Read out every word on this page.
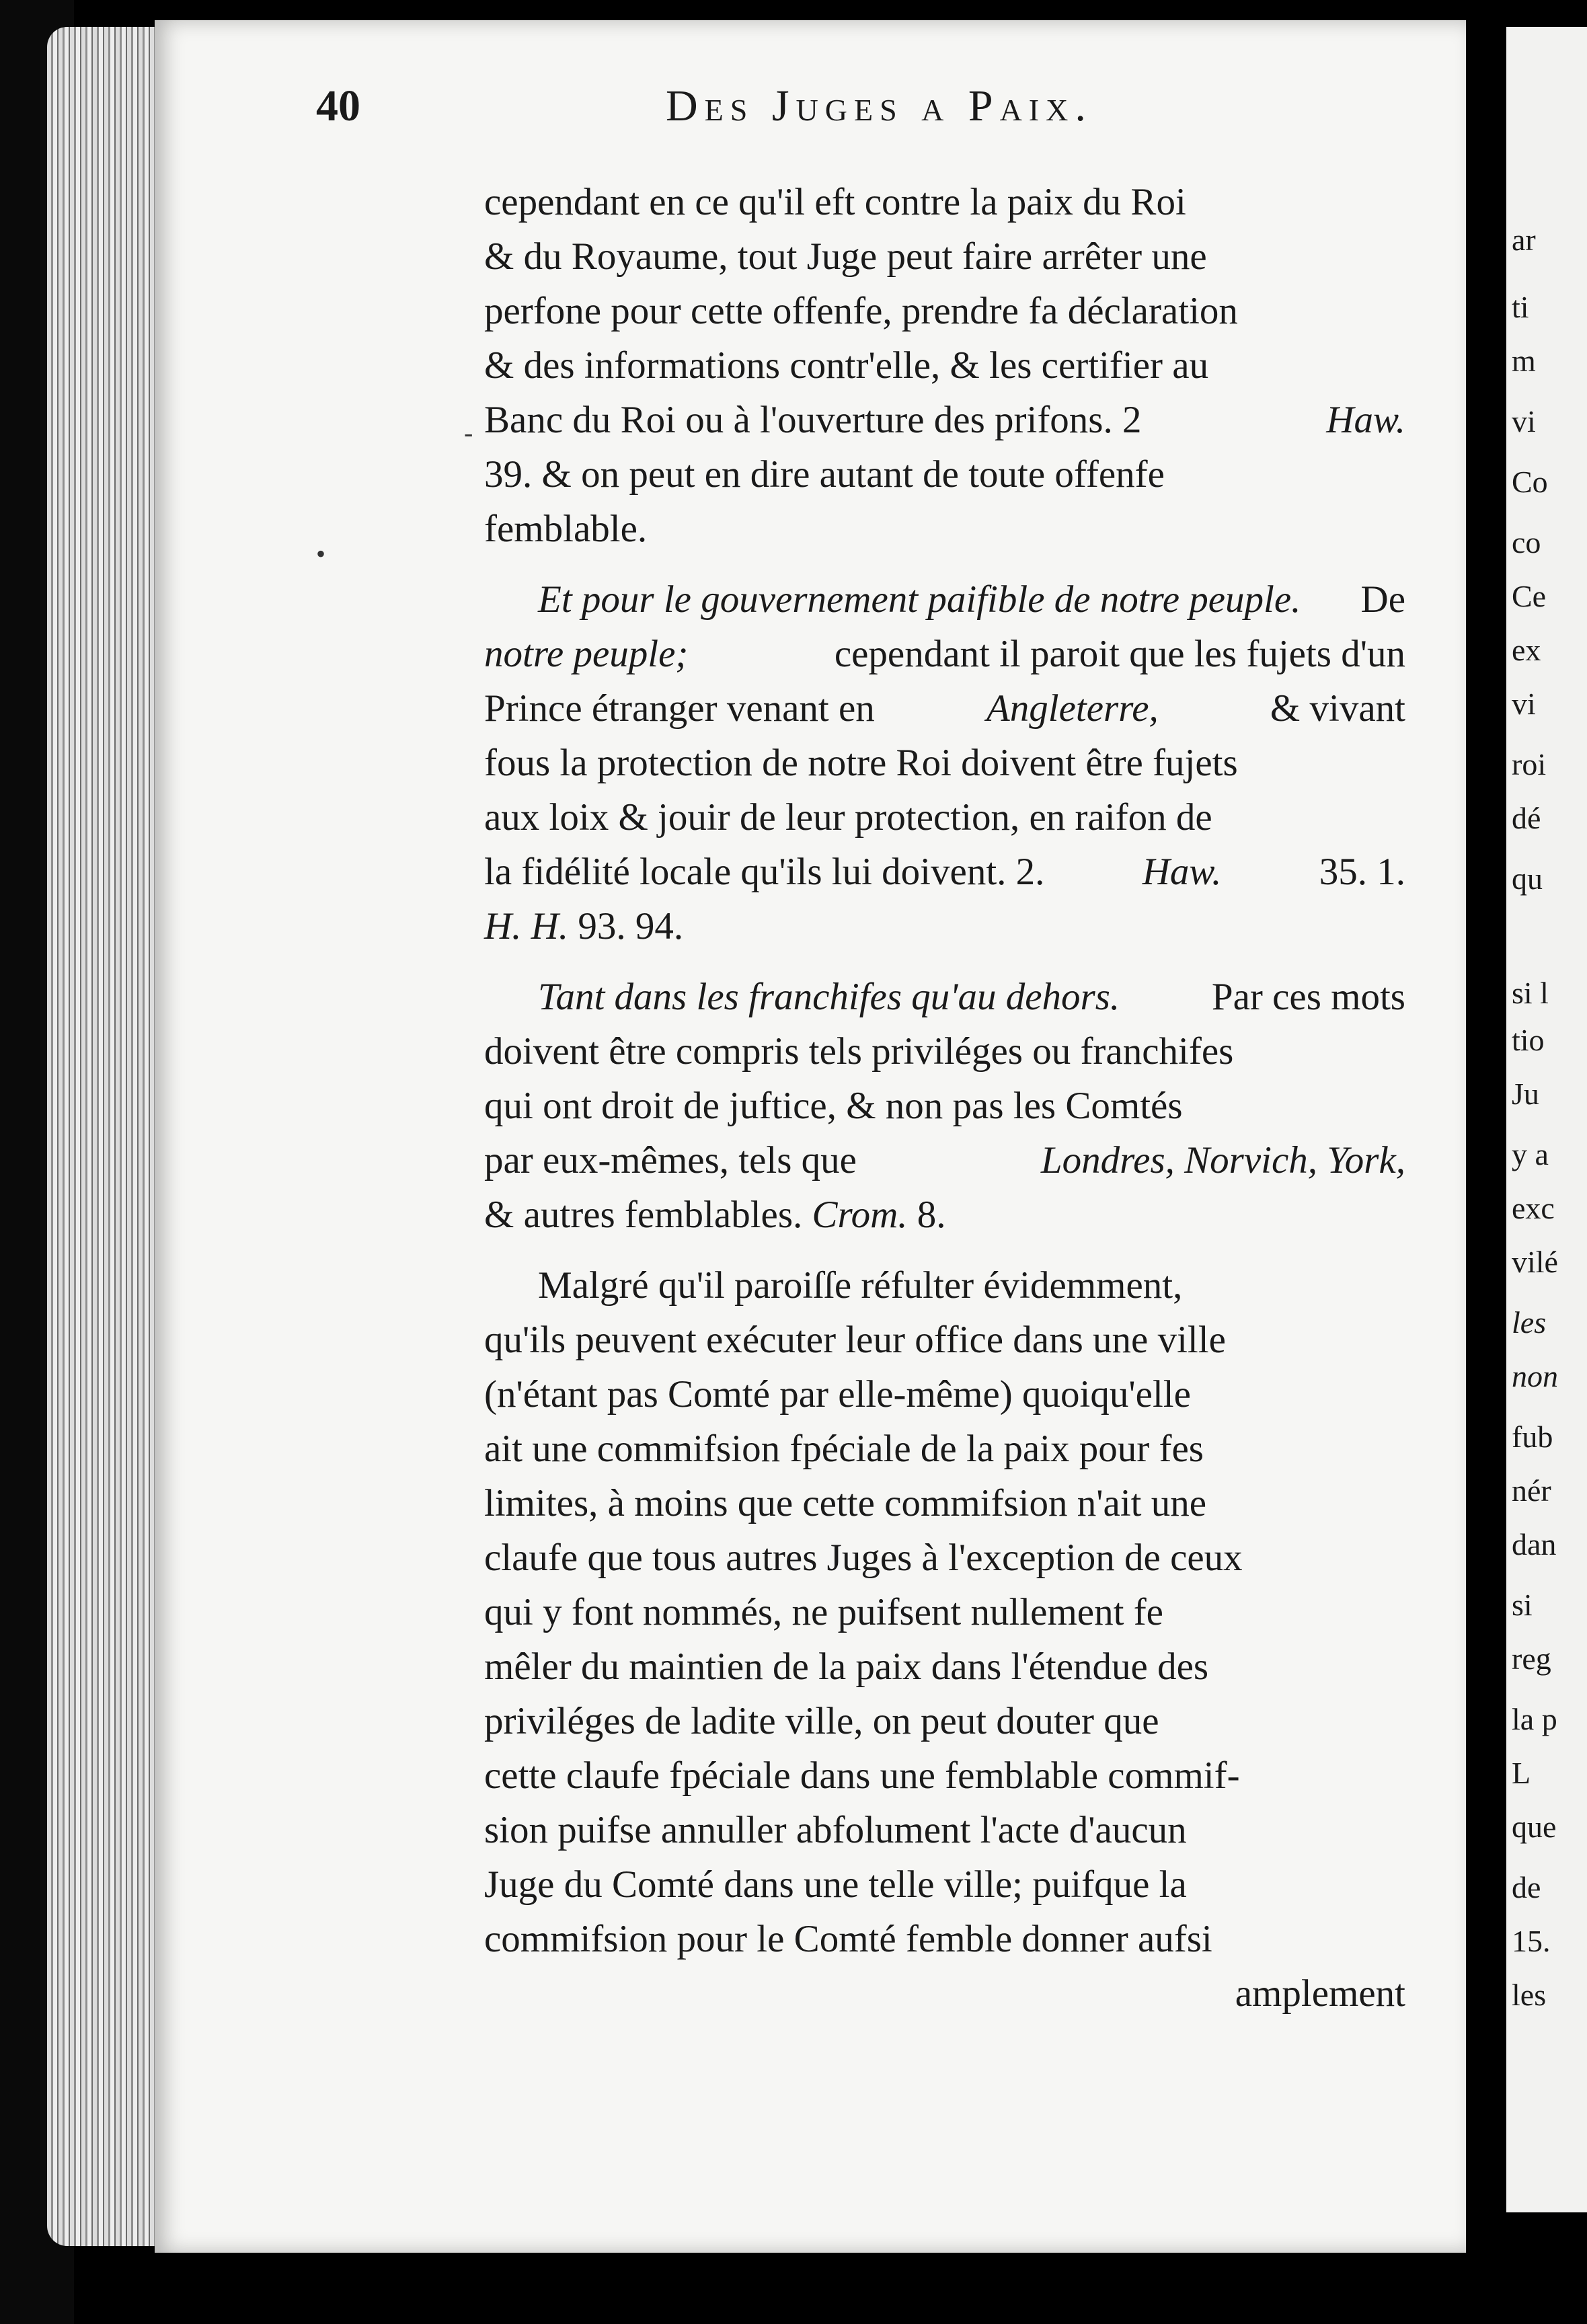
ar
ti
m
vi
Co
co
Ce
ex
vi
roi
dé
qu
si l
tio
Ju
y a
exc
vilé
les
non
fub
nér
dan
si
reg
la p
L
que
de
15.
les
40	Des Juges a Paix.
cependant en ce qu'il eft contre la paix du Roi
& du Royaume, tout Juge peut faire arrêter une
perfone pour cette offenfe, prendre fa déclaration
& des informations contr'elle, & les certifier au
Banc du Roi ou à l'ouverture des prifons. 2	Haw.
39. & on peut en dire autant de toute offenfe
femblable.
Et pour le gouvernement paifible de notre peuple. De
notre peuple;	cependant il paroit que les fujets d'un
Prince étranger venant en	Angleterre,	& vivant
fous la protection de notre Roi doivent être fujets
aux loix & jouir de leur protection, en raifon de
la fidélité locale qu'ils lui doivent. 2. Haw. 35. 1.
H. H. 93. 94.
Tant dans les franchifes qu'au dehors. Par ces mots
doivent être compris tels priviléges ou franchifes
qui ont droit de juftice, & non pas les Comtés
par eux-mêmes, tels que	Londres, Norvich, York,
& autres femblables. Crom. 8.
Malgré qu'il paroiſſe réfulter évidemment,
qu'ils peuvent exécuter leur office dans une ville
(n'étant pas Comté par elle-même) quoiqu'elle
ait une commifsion fpéciale de la paix pour fes
limites, à moins que cette commifsion n'ait une
claufe que tous autres Juges à l'exception de ceux
qui y font nommés, ne puifsent nullement fe
mêler du maintien de la paix dans l'étendue des
priviléges de ladite ville, on peut douter que
cette claufe fpéciale dans une femblable commif-
sion puifse annuller abfolument l'acte d'aucun
Juge du Comté dans une telle ville; puifque la
commifsion pour le Comté femble donner aufsi
amplement
-
•
